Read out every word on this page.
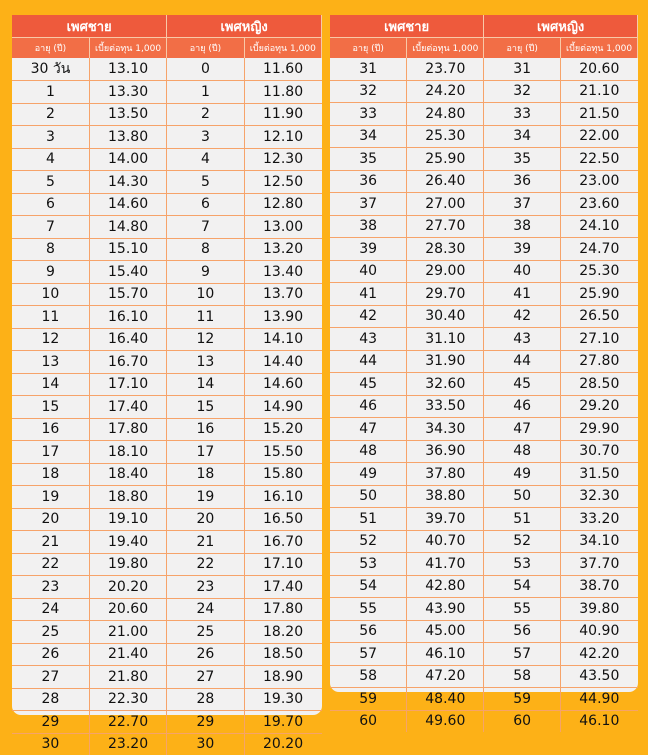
เพศชาย		เพศหญิง	
อายุ (ปี)	เบี้ยต่อทุน 1,000	อายุ (ปี)	เบี้ยต่อทุน 1,000
30 วัน	13.10	0	11.60
1	13.30	1	11.80
2	13.50	2	11.90
3	13.80	3	12.10
4	14.00	4	12.30
5	14.30	5	12.50
6	14.60	6	12.80
7	14.80	7	13.00
8	15.10	8	13.20
9	15.40	9	13.40
10	15.70	10	13.70
11	16.10	11	13.90
12	16.40	12	14.10
13	16.70	13	14.40
14	17.10	14	14.60
15	17.40	15	14.90
16	17.80	16	15.20
17	18.10	17	15.50
18	18.40	18	15.80
19	18.80	19	16.10
20	19.10	20	16.50
21	19.40	21	16.70
22	19.80	22	17.10
23	20.20	23	17.40
24	20.60	24	17.80
25	21.00	25	18.20
26	21.40	26	18.50
27	21.80	27	18.90
28	22.30	28	19.30
29	22.70	29	19.70
30	23.20	30	20.20
เพศชาย		เพศหญิง	
อายุ (ปี)	เบี้ยต่อทุน 1,000	อายุ (ปี)	เบี้ยต่อทุน 1,000
31	23.70	31	20.60
32	24.20	32	21.10
33	24.80	33	21.50
34	25.30	34	22.00
35	25.90	35	22.50
36	26.40	36	23.00
37	27.00	37	23.60
38	27.70	38	24.10
39	28.30	39	24.70
40	29.00	40	25.30
41	29.70	41	25.90
42	30.40	42	26.50
43	31.10	43	27.10
44	31.90	44	27.80
45	32.60	45	28.50
46	33.50	46	29.20
47	34.30	47	29.90
48	36.90	48	30.70
49	37.80	49	31.50
50	38.80	50	32.30
51	39.70	51	33.20
52	40.70	52	34.10
53	41.70	53	37.70
54	42.80	54	38.70
55	43.90	55	39.80
56	45.00	56	40.90
57	46.10	57	42.20
58	47.20	58	43.50
59	48.40	59	44.90
60	49.60	60	46.10
